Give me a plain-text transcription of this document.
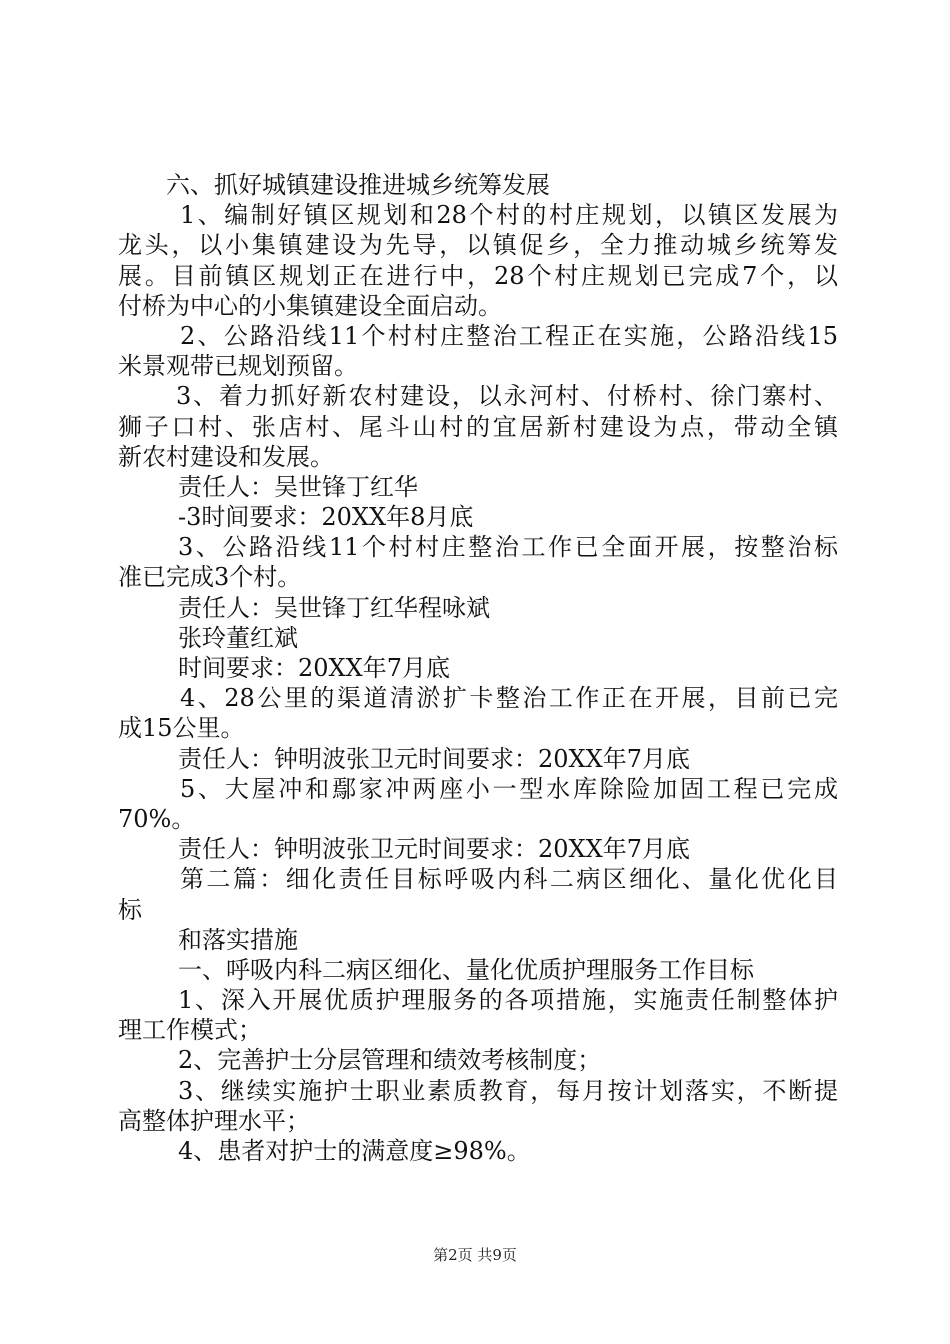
六、抓好城镇建设推进城乡统筹发展
1、编制好镇区规划和28个村的村庄规划，以镇区发展为
龙头，以小集镇建设为先导，以镇促乡，全力推动城乡统筹发
展。目前镇区规划正在进行中，28个村庄规划已完成7个，以
付桥为中心的小集镇建设全面启动。
2、公路沿线11个村村庄整治工程正在实施，公路沿线15
米景观带已规划预留。
3、着力抓好新农村建设，以永河村、付桥村、徐门寨村、
狮子口村、张店村、尾斗山村的宜居新村建设为点，带动全镇
新农村建设和发展。
责任人：吴世锋丁红华
-3时间要求：20XX年8月底
3、公路沿线11个村村庄整治工作已全面开展，按整治标
准已完成3个村。
责任人：吴世锋丁红华程咏斌
张玲董红斌
时间要求：20XX年7月底
4、28公里的渠道清淤扩卡整治工作正在开展，目前已完
成15公里。
责任人：钟明波张卫元时间要求：20XX年7月底
5、大屋冲和鄢家冲两座小一型水库除险加固工程已完成
70%。
责任人：钟明波张卫元时间要求：20XX年7月底
第二篇：细化责任目标呼吸内科二病区细化、量化优化目
标
和落实措施
一、呼吸内科二病区细化、量化优质护理服务工作目标
1、深入开展优质护理服务的各项措施，实施责任制整体护
理工作模式；
2、完善护士分层管理和绩效考核制度；
3、继续实施护士职业素质教育，每月按计划落实，不断提
高整体护理水平；
4、患者对护士的满意度≥98%。
第2页 共9页
